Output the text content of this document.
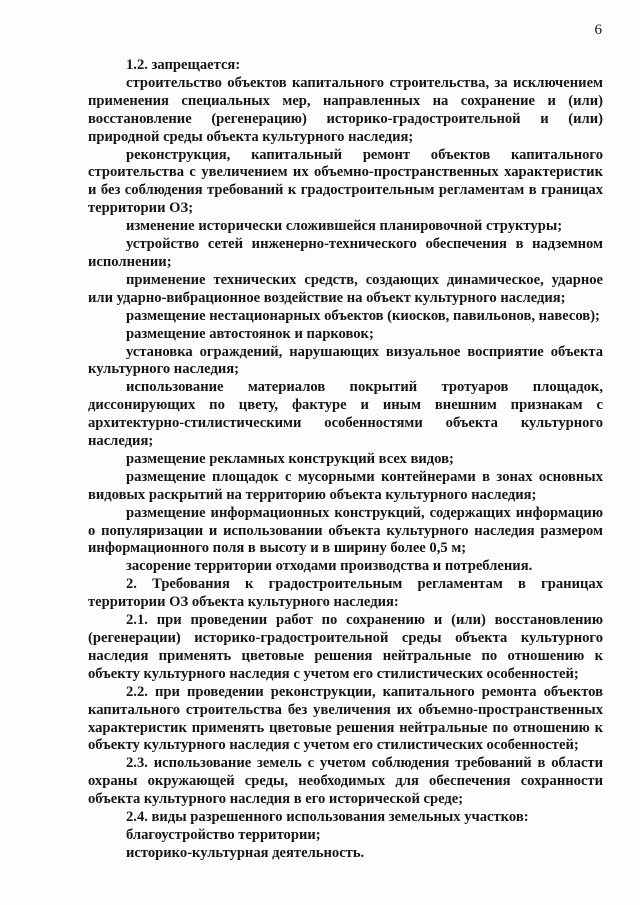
6

1.2. запрещается:

строительство объектов капитального строительства, за исключением применения специальных мер, направленных на сохранение и (или) восстановление (регенерацию) историко-градостроительной и (или) природной среды объекта культурного наследия;

реконструкция, капитальный ремонт объектов капитального строительства с увеличением их объемно-пространственных характеристик и без соблюдения требований к градостроительным регламентам в границах территории ОЗ;

изменение исторически сложившейся планировочной структуры;

устройство сетей инженерно-технического обеспечения в надземном исполнении;

применение технических средств, создающих динамическое, ударное или ударно-вибрационное воздействие на объект культурного наследия;

размещение нестационарных объектов (киосков, павильонов, навесов);

размещение автостоянок и парковок;

установка ограждений, нарушающих визуальное восприятие объекта культурного наследия;

использование материалов покрытий тротуаров площадок, диссонирующих по цвету, фактуре и иным внешним признакам с архитектурно-стилистическими особенностями объекта культурного наследия;

размещение рекламных конструкций всех видов;

размещение площадок с мусорными контейнерами в зонах основных видовых раскрытий на территорию объекта культурного наследия;

размещение информационных конструкций, содержащих информацию о популяризации и использовании объекта культурного наследия размером информационного поля в высоту и в ширину более 0,5 м;

засорение территории отходами производства и потребления.

2. Требования к градостроительным регламентам в границах территории ОЗ объекта культурного наследия:

2.1. при проведении работ по сохранению и (или) восстановлению (регенерации) историко-градостроительной среды объекта культурного наследия применять цветовые решения нейтральные по отношению к объекту культурного наследия с учетом его стилистических особенностей;

2.2. при проведении реконструкции, капитального ремонта объектов капитального строительства без увеличения их объемно-пространственных характеристик применять цветовые решения нейтральные по отношению к объекту культурного наследия с учетом его стилистических особенностей;

2.3. использование земель с учетом соблюдения требований в области охраны окружающей среды, необходимых для обеспечения сохранности объекта культурного наследия в его исторической среде;

2.4. виды разрешенного использования земельных участков:

благоустройство территории;

историко-культурная деятельность.
